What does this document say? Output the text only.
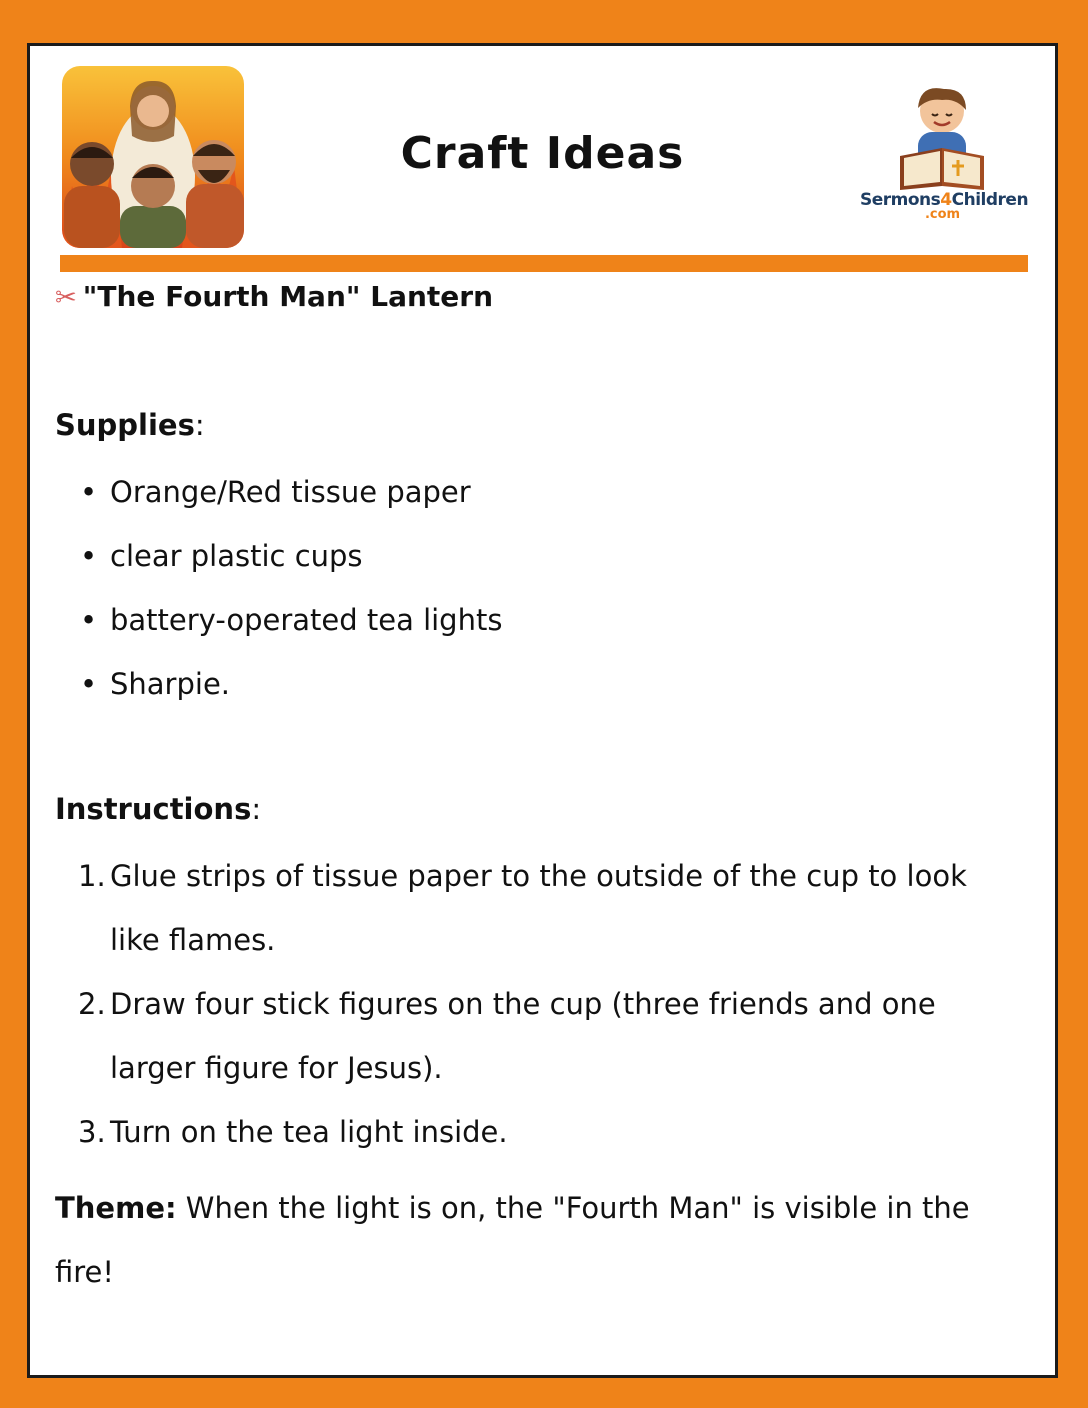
Craft Ideas
Sermons4Children
.com
✂ "The Fourth Man" Lantern
Supplies:
• Orange/Red tissue paper
• clear plastic cups
• battery-operated tea lights
• Sharpie.
Instructions:
1. Glue strips of tissue paper to the outside of the cup to look like flames.
2. Draw four stick figures on the cup (three friends and one larger figure for Jesus).
3. Turn on the tea light inside.
Theme: When the light is on, the "Fourth Man" is visible in the fire!
